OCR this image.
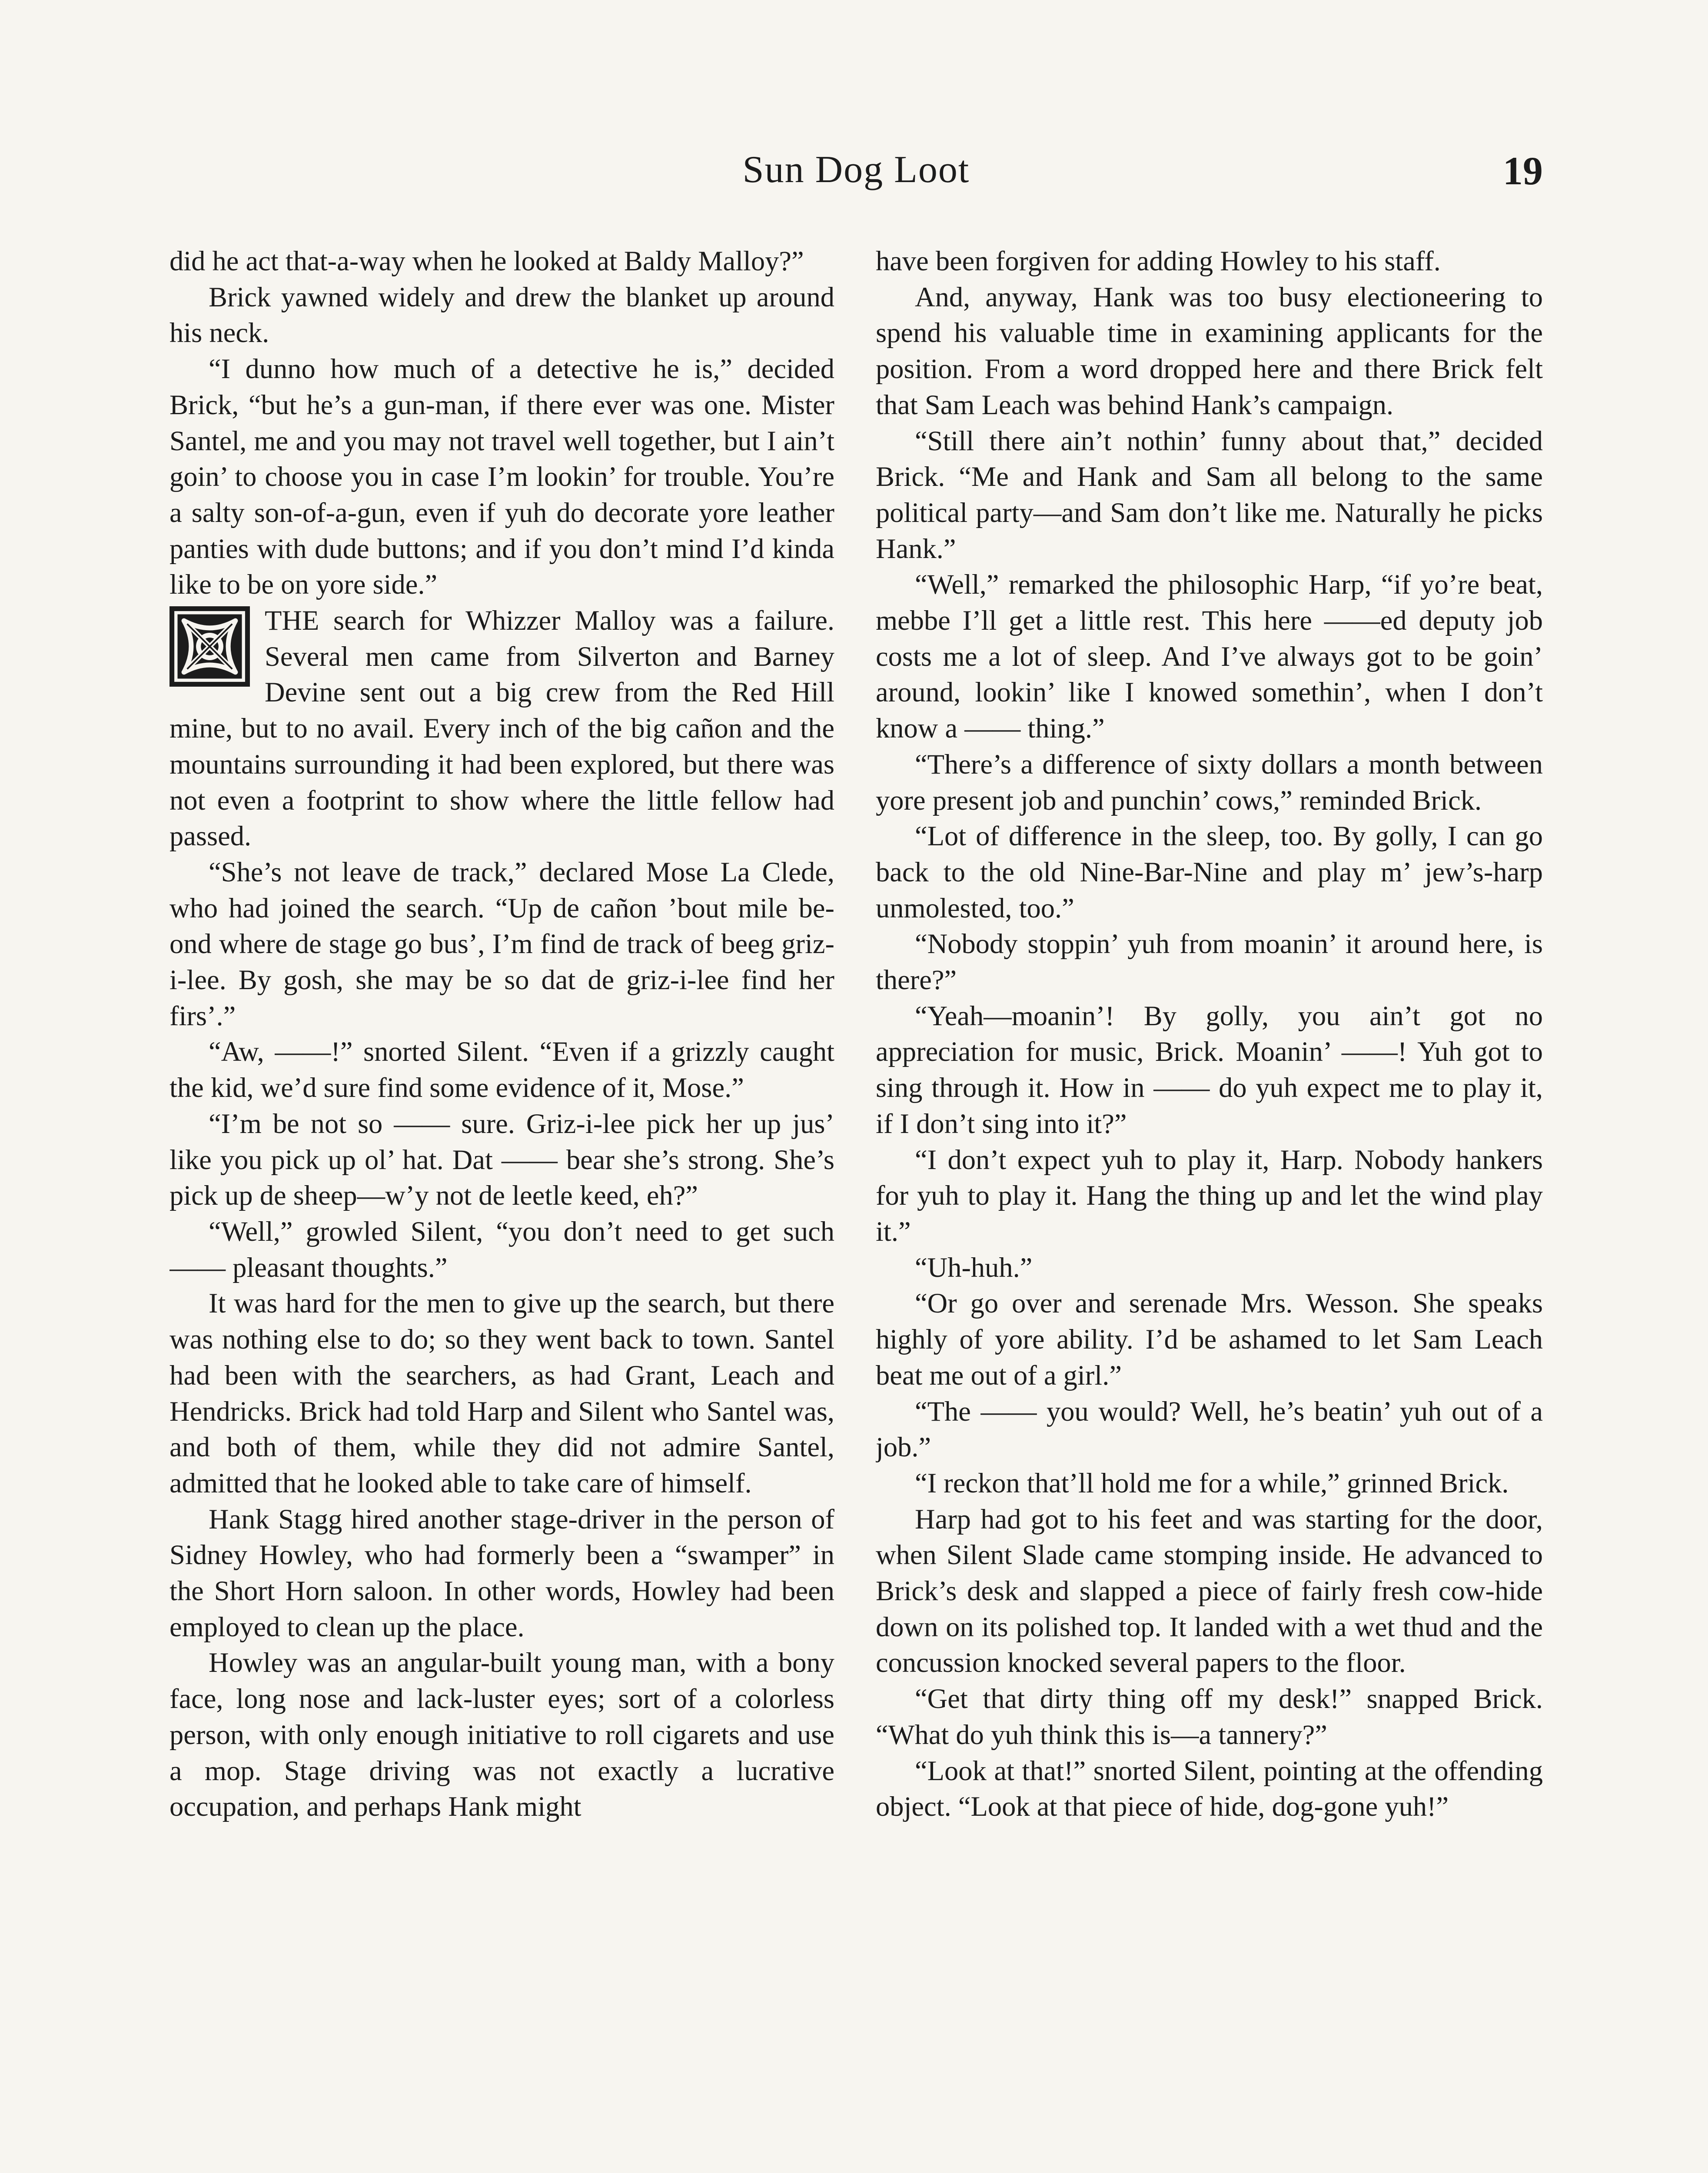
Sun Dog Loot	19

did he act that-a-way when he looked at Baldy Malloy?”

Brick yawned widely and drew the blanket up around his neck.

“I dunno how much of a detective he is,” decided Brick, “but he’s a gun-man, if there ever was one. Mister Santel, me and you may not travel well together, but I ain’t goin’ to choose you in case I’m lookin’ for trouble. You’re a salty son-of-a-gun, even if yuh do decorate yore leather panties with dude buttons; and if you don’t mind I’d kinda like to be on yore side.”

THE search for Whizzer Malloy was a failure. Several men came from Silverton and Barney Devine sent out a big crew from the Red Hill mine, but to no avail. Every inch of the big cañon and the mountains surrounding it had been explored, but there was not even a footprint to show where the little fellow had passed.

“She’s not leave de track,” declared Mose La Clede, who had joined the search. “Up de cañon ’bout mile be-ond where de stage go bus’, I’m find de track of beeg griz-i-lee. By gosh, she may be so dat de griz-i-lee find her firs’.”

“Aw, ——!” snorted Silent. “Even if a grizzly caught the kid, we’d sure find some evidence of it, Mose.”

“I’m be not so —— sure. Griz-i-lee pick her up jus’ like you pick up ol’ hat. Dat —— bear she’s strong. She’s pick up de sheep—w’y not de leetle keed, eh?”

“Well,” growled Silent, “you don’t need to get such —— pleasant thoughts.”

It was hard for the men to give up the search, but there was nothing else to do; so they went back to town. Santel had been with the searchers, as had Grant, Leach and Hendricks. Brick had told Harp and Silent who Santel was, and both of them, while they did not admire Santel, admitted that he looked able to take care of himself.

Hank Stagg hired another stage-driver in the person of Sidney Howley, who had formerly been a “swamper” in the Short Horn saloon. In other words, Howley had been employed to clean up the place.

Howley was an angular-built young man, with a bony face, long nose and lack-luster eyes; sort of a colorless person, with only enough initiative to roll cigarets and use a mop. Stage driving was not exactly a lucrative occupation, and perhaps Hank might

have been forgiven for adding Howley to his staff.

And, anyway, Hank was too busy electioneering to spend his valuable time in examining applicants for the position. From a word dropped here and there Brick felt that Sam Leach was behind Hank’s campaign.

“Still there ain’t nothin’ funny about that,” decided Brick. “Me and Hank and Sam all belong to the same political party—and Sam don’t like me. Naturally he picks Hank.”

“Well,” remarked the philosophic Harp, “if yo’re beat, mebbe I’ll get a little rest. This here ——ed deputy job costs me a lot of sleep. And I’ve always got to be goin’ around, lookin’ like I knowed somethin’, when I don’t know a —— thing.”

“There’s a difference of sixty dollars a month between yore present job and punchin’ cows,” reminded Brick.

“Lot of difference in the sleep, too. By golly, I can go back to the old Nine-Bar-Nine and play m’ jew’s-harp unmolested, too.”

“Nobody stoppin’ yuh from moanin’ it around here, is there?”

“Yeah—moanin’! By golly, you ain’t got no appreciation for music, Brick. Moanin’ ——! Yuh got to sing through it. How in —— do yuh expect me to play it, if I don’t sing into it?”

“I don’t expect yuh to play it, Harp. Nobody hankers for yuh to play it. Hang the thing up and let the wind play it.”

“Uh-huh.”

“Or go over and serenade Mrs. Wesson. She speaks highly of yore ability. I’d be ashamed to let Sam Leach beat me out of a girl.”

“The —— you would? Well, he’s beatin’ yuh out of a job.”

“I reckon that’ll hold me for a while,” grinned Brick.

Harp had got to his feet and was starting for the door, when Silent Slade came stomping inside. He advanced to Brick’s desk and slapped a piece of fairly fresh cow-hide down on its polished top. It landed with a wet thud and the concussion knocked several papers to the floor.

“Get that dirty thing off my desk!” snapped Brick. “What do yuh think this is—a tannery?”

“Look at that!” snorted Silent, pointing at the offending object. “Look at that piece of hide, dog-gone yuh!”
